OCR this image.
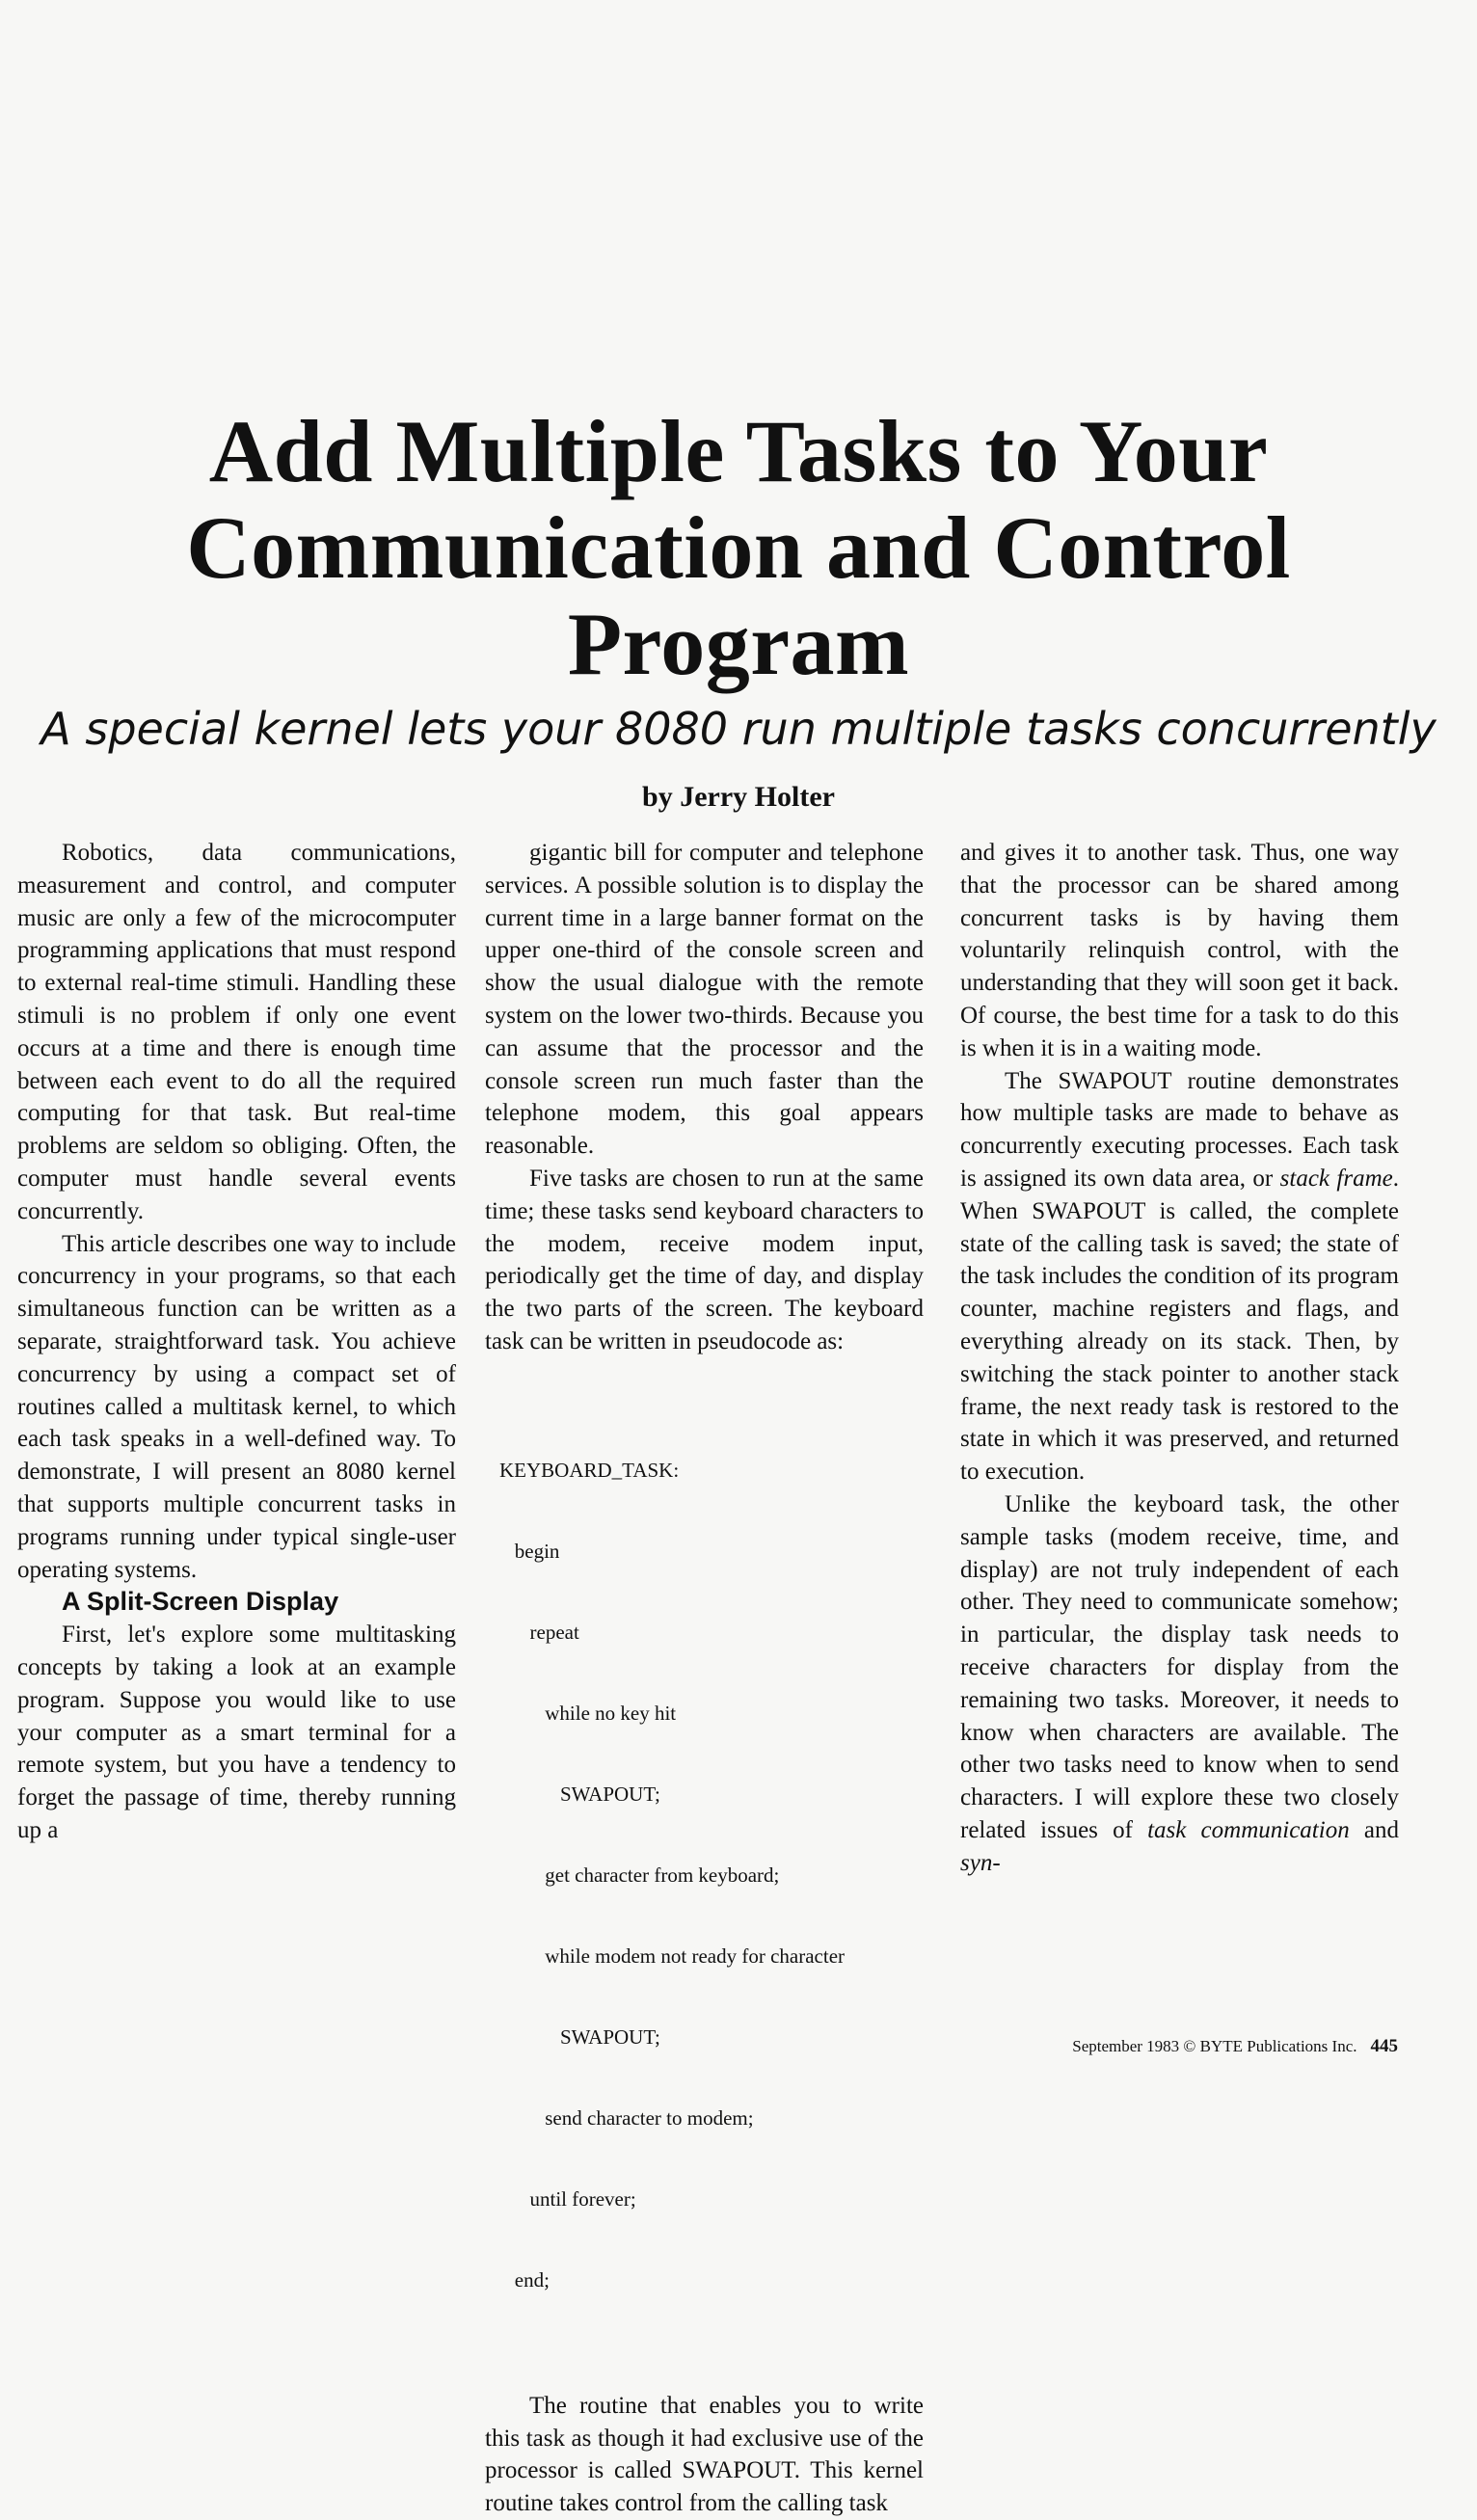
Add Multiple Tasks to Your
Communication and Control
Program
A special kernel lets your 8080 run multiple tasks concurrently
by Jerry Holter

Robotics, data communications, measurement and control, and computer music are only a few of the microcomputer programming applications that must respond to external real-time stimuli. Handling these stimuli is no problem if only one event occurs at a time and there is enough time between each event to do all the required computing for that task. But real-time problems are seldom so obliging. Often, the computer must handle several events concurrently.

This article describes one way to include concurrency in your programs, so that each simultaneous function can be written as a separate, straightforward task. You achieve concurrency by using a compact set of routines called a multitask kernel, to which each task speaks in a well-defined way. To demonstrate, I will present an 8080 kernel that supports multiple concurrent tasks in programs running under typical single-user operating systems.

A Split-Screen Display

First, let's explore some multitasking concepts by taking a look at an example program. Suppose you would like to use your computer as a smart terminal for a remote system, but you have a tendency to forget the passage of time, thereby running up a

gigantic bill for computer and telephone services. A possible solution is to display the current time in a large banner format on the upper one-third of the console screen and show the usual dialogue with the remote system on the lower two-thirds. Because you can assume that the processor and the console screen run much faster than the telephone modem, this goal appears reasonable.

Five tasks are chosen to run at the same time; these tasks send keyboard characters to the modem, receive modem input, periodically get the time of day, and display the two parts of the screen. The keyboard task can be written in pseudocode as:

KEYBOARD_TASK:

begin

repeat

while no key hit

SWAPOUT;

get character from keyboard;

while modem not ready for character

SWAPOUT;

send character to modem;

until forever;

end;

The routine that enables you to write this task as though it had exclusive use of the processor is called SWAPOUT. This kernel routine takes control from the calling task

and gives it to another task. Thus, one way that the processor can be shared among concurrent tasks is by having them voluntarily relinquish control, with the understanding that they will soon get it back. Of course, the best time for a task to do this is when it is in a waiting mode.

The SWAPOUT routine demonstrates how multiple tasks are made to behave as concurrently executing processes. Each task is assigned its own data area, or stack frame. When SWAPOUT is called, the complete state of the calling task is saved; the state of the task includes the condition of its program counter, machine registers and flags, and everything already on its stack. Then, by switching the stack pointer to another stack frame, the next ready task is restored to the state in which it was preserved, and returned to execution.

Unlike the keyboard task, the other sample tasks (modem receive, time, and display) are not truly independent of each other. They need to communicate somehow; in particular, the display task needs to receive characters for display from the remaining two tasks. Moreover, it needs to know when characters are available. The other two tasks need to know when to send characters. I will explore these two closely related issues of task communication and syn-

September 1983 © BYTE Publications Inc. 445
